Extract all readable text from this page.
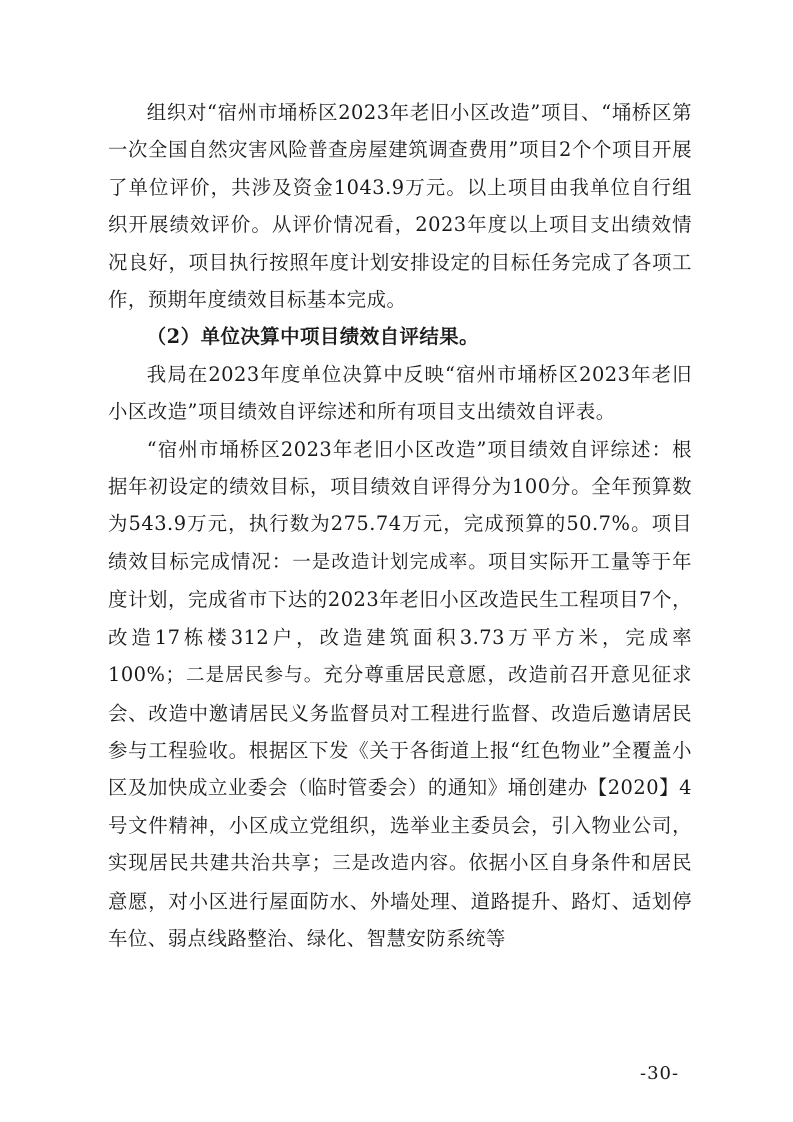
组织对“宿州市埇桥区2023年老旧小区改造”项目、“埇桥区第一次全国自然灾害风险普查房屋建筑调查费用”项目2个个项目开展了单位评价，共涉及资金1043.9万元。以上项目由我单位自行组织开展绩效评价。从评价情况看，2023年度以上项目支出绩效情况良好，项目执行按照年度计划安排设定的目标任务完成了各项工作，预期年度绩效目标基本完成。

（2）单位决算中项目绩效自评结果。

我局在2023年度单位决算中反映“宿州市埇桥区2023年老旧小区改造”项目绩效自评综述和所有项目支出绩效自评表。

“宿州市埇桥区2023年老旧小区改造”项目绩效自评综述：根据年初设定的绩效目标，项目绩效自评得分为100分。全年预算数为543.9万元，执行数为275.74万元，完成预算的50.7%。项目绩效目标完成情况：一是改造计划完成率。项目实际开工量等于年度计划，完成省市下达的2023年老旧小区改造民生工程项目7个，改造17栋楼312户，改造建筑面积3.73万平方米，完成率100%；二是居民参与。充分尊重居民意愿，改造前召开意见征求会、改造中邀请居民义务监督员对工程进行监督、改造后邀请居民参与工程验收。根据区下发《关于各街道上报“红色物业”全覆盖小区及加快成立业委会（临时管委会）的通知》埇创建办【2020】4号文件精神，小区成立党组织，选举业主委员会，引入物业公司，实现居民共建共治共享；三是改造内容。依据小区自身条件和居民意愿，对小区进行屋面防水、外墙处理、道路提升、路灯、适划停车位、弱点线路整治、绿化、智慧安防系统等

-30-
